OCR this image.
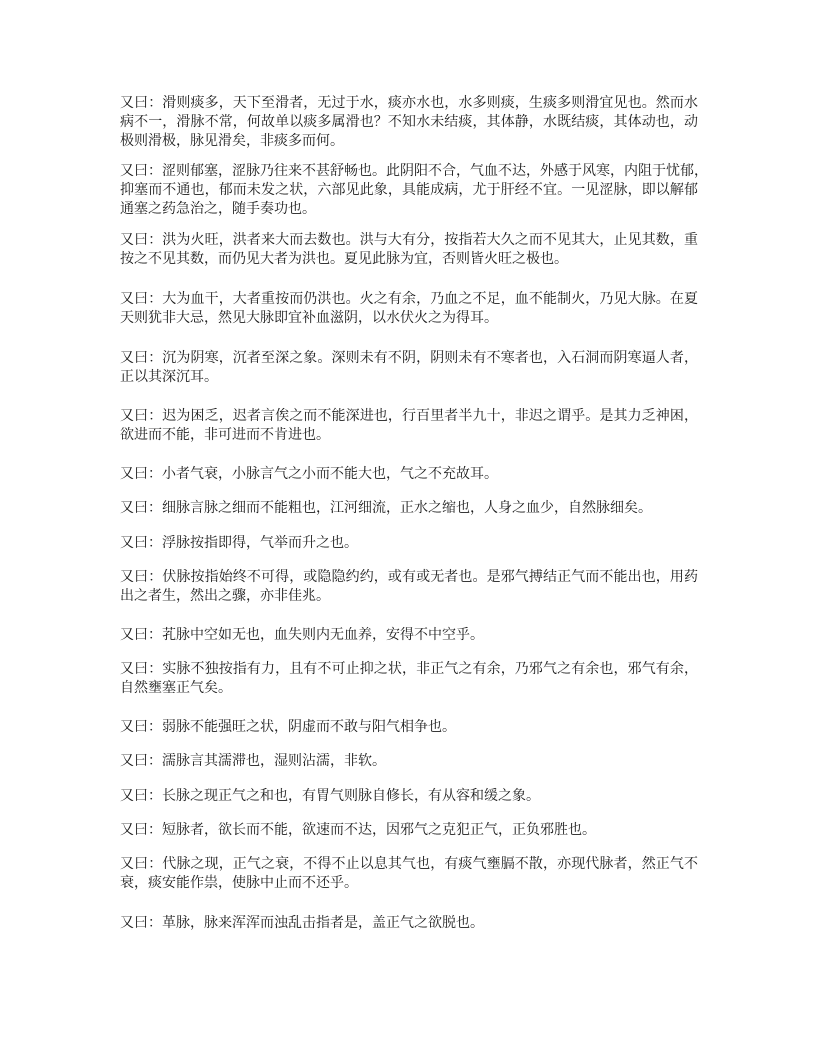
又曰：滑则痰多，天下至滑者，无过于水，痰亦水也，水多则痰，生痰多则滑宜见也。然而水
病不一，滑脉不常，何故单以痰多属滑也？不知水未结痰，其体静，水既结痰，其体动也，动
极则滑极，脉见滑矣，非痰多而何。

又曰：涩则郁塞，涩脉乃往来不甚舒畅也。此阴阳不合，气血不达，外感于风寒，内阻于忧郁，
抑塞而不通也，郁而未发之状，六部见此象，具能成病，尤于肝经不宜。一见涩脉，即以解郁
通塞之药急治之，随手奏功也。

又曰：洪为火旺，洪者来大而去数也。洪与大有分，按指若大久之而不见其大，止见其数，重
按之不见其数，而仍见大者为洪也。夏见此脉为宜，否则皆火旺之极也。

又曰：大为血干，大者重按而仍洪也。火之有余，乃血之不足，血不能制火，乃见大脉。在夏
天则犹非大忌，然见大脉即宜补血滋阴，以水伏火之为得耳。

又曰：沉为阴寒，沉者至深之象。深则未有不阴，阴则未有不寒者也，入石洞而阴寒逼人者，
正以其深沉耳。

又曰：迟为困乏，迟者言俟之而不能深进也，行百里者半九十，非迟之谓乎。是其力乏神困，
欲进而不能，非可进而不肯进也。

又曰：小者气衰，小脉言气之小而不能大也，气之不充故耳。

又曰：细脉言脉之细而不能粗也，江河细流，正水之缩也，人身之血少，自然脉细矣。

又曰：浮脉按指即得，气举而升之也。

又曰：伏脉按指始终不可得，或隐隐约约，或有或无者也。是邪气搏结正气而不能出也，用药
出之者生，然出之骤，亦非佳兆。

又曰：芤脉中空如无也，血失则内无血养，安得不中空乎。

又曰：实脉不独按指有力，且有不可止抑之状，非正气之有余，乃邪气之有余也，邪气有余，
自然壅塞正气矣。

又曰：弱脉不能强旺之状，阴虚而不敢与阳气相争也。

又曰：濡脉言其濡滞也，湿则沾濡，非软。

又曰：长脉之现正气之和也，有胃气则脉自修长，有从容和缓之象。

又曰：短脉者，欲长而不能，欲速而不达，因邪气之克犯正气，正负邪胜也。

又曰：代脉之现，正气之衰，不得不止以息其气也，有痰气壅膈不散，亦现代脉者，然正气不
衰，痰安能作祟，使脉中止而不还乎。

又曰：革脉，脉来浑浑而浊乱击指者是，盖正气之欲脱也。
